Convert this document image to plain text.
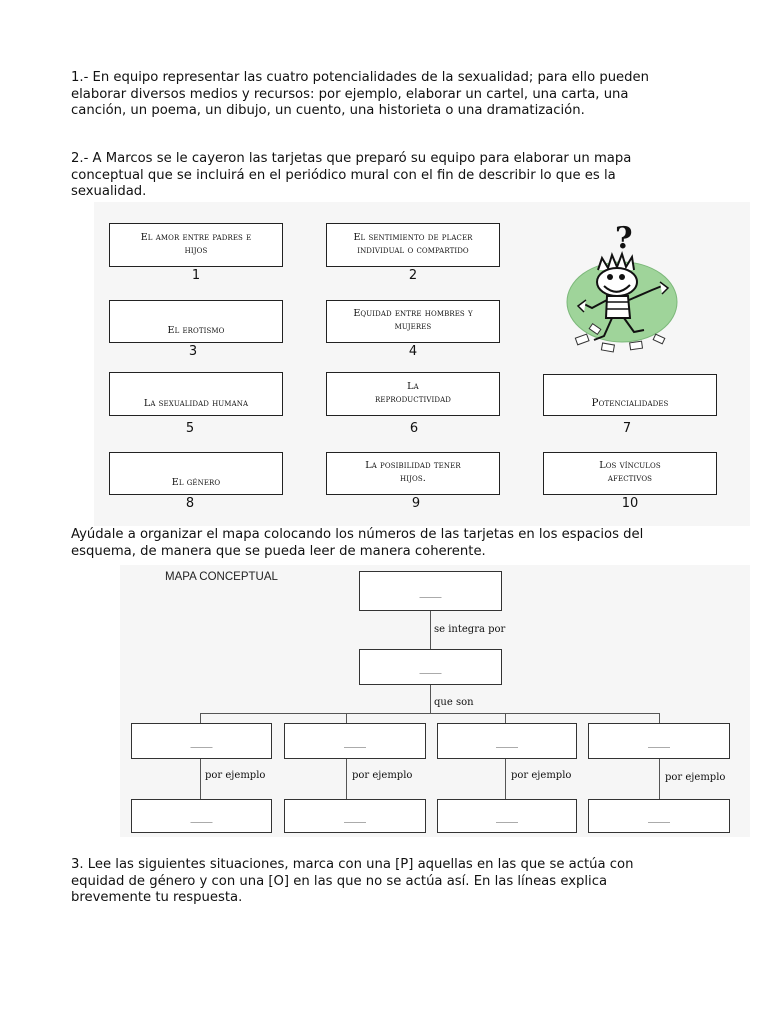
1.- En equipo representar las cuatro potencialidades de la sexualidad; para ello pueden
elaborar diversos medios y recursos: por ejemplo, elaborar un cartel, una carta, una
canción, un poema, un dibujo, un cuento, una historieta o una dramatización.
2.- A Marcos se le cayeron las tarjetas que preparó su equipo para elaborar un mapa
conceptual que se incluirá en el periódico mural con el fin de describir lo que es la
sexualidad.
El amor entre padres e
hijos
1
El sentimiento de placer
individual o compartido
2
El erotismo
3
Equidad entre hombres y
mujeres
4
La sexualidad humana
5
La
reproductividad
6
Potencialidades
7
El género
8
La posibilidad tener
hijos.
9
Los vínculos
afectivos
10
?
Ayúdale a organizar el mapa colocando los números de las tarjetas en los espacios del
esquema, de manera que se pueda leer de manera coherente.
MAPA CONCEPTUAL
____
se integra por
____
que son
____	____	____	____
por ejemplo	por ejemplo	por ejemplo	por ejemplo
____	____	____	____
3. Lee las siguientes situaciones, marca con una [P] aquellas en las que se actúa con
equidad de género y con una [O] en las que no se actúa así. En las líneas explica
brevemente tu respuesta.
